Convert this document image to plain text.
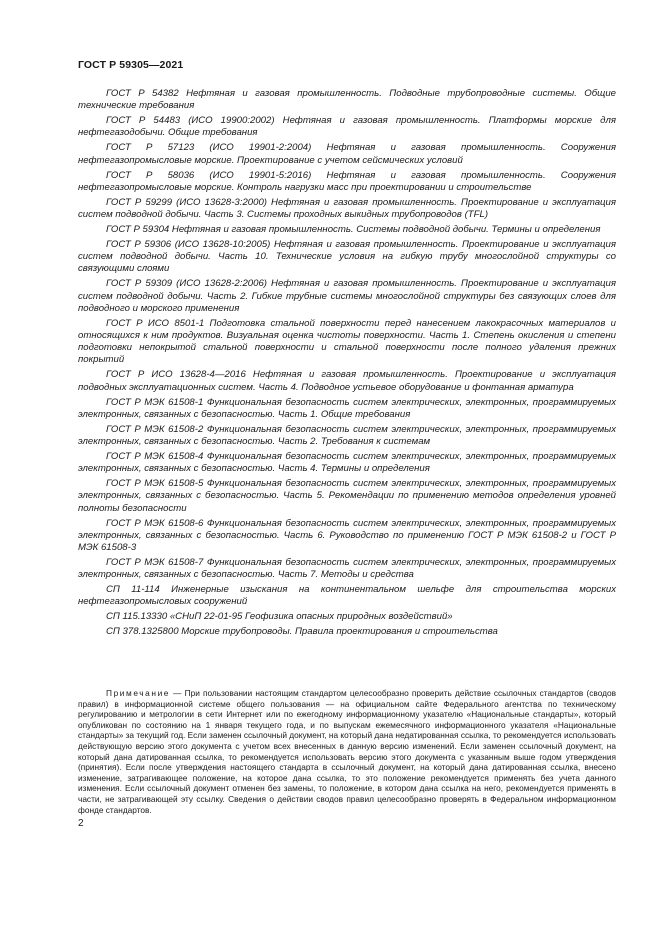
ГОСТ Р 59305—2021

ГОСТ Р 54382 Нефтяная и газовая промышленность. Подводные трубопроводные системы. Общие технические требования

ГОСТ Р 54483 (ИСО 19900:2002) Нефтяная и газовая промышленность. Платформы морские для нефтегазодобычи. Общие требования

ГОСТ Р 57123 (ИСО 19901-2:2004) Нефтяная и газовая промышленность. Сооружения нефтегазопромысловые морские. Проектирование с учетом сейсмических условий

ГОСТ Р 58036 (ИСО 19901-5:2016) Нефтяная и газовая промышленность. Сооружения нефтегазопромысловые морские. Контроль нагрузки масс при проектировании и строительстве

ГОСТ Р 59299 (ИСО 13628-3:2000) Нефтяная и газовая промышленность. Проектирование и эксплуатация систем подводной добычи. Часть 3. Системы проходных выкидных трубопроводов (TFL)

ГОСТ Р 59304 Нефтяная и газовая промышленность. Системы подводной добычи. Термины и определения

ГОСТ Р 59306 (ИСО 13628-10:2005) Нефтяная и газовая промышленность. Проектирование и эксплуатация систем подводной добычи. Часть 10. Технические условия на гибкую трубу многослойной структуры со связующими слоями

ГОСТ Р 59309 (ИСО 13628-2:2006) Нефтяная и газовая промышленность. Проектирование и эксплуатация систем подводной добычи. Часть 2. Гибкие трубные системы многослойной структуры без связующих слоев для подводного и морского применения

ГОСТ Р ИСО 8501-1 Подготовка стальной поверхности перед нанесением лакокрасочных материалов и относящихся к ним продуктов. Визуальная оценка чистоты поверхности. Часть 1. Степень окисления и степени подготовки непокрытой стальной поверхности и стальной поверхности после полного удаления прежних покрытий

ГОСТ Р ИСО 13628-4—2016 Нефтяная и газовая промышленность. Проектирование и эксплуатация подводных эксплуатационных систем. Часть 4. Подводное устьевое оборудование и фонтанная арматура

ГОСТ Р МЭК 61508-1 Функциональная безопасность систем электрических, электронных, программируемых электронных, связанных с безопасностью. Часть 1. Общие требования

ГОСТ Р МЭК 61508-2 Функциональная безопасность систем электрических, электронных, программируемых электронных, связанных с безопасностью. Часть 2. Требования к системам

ГОСТ Р МЭК 61508-4 Функциональная безопасность систем электрических, электронных, программируемых электронных, связанных с безопасностью. Часть 4. Термины и определения

ГОСТ Р МЭК 61508-5 Функциональная безопасность систем электрических, электронных, программируемых электронных, связанных с безопасностью. Часть 5. Рекомендации по применению методов определения уровней полноты безопасности

ГОСТ Р МЭК 61508-6 Функциональная безопасность систем электрических, электронных, программируемых электронных, связанных с безопасностью. Часть 6. Руководство по применению ГОСТ Р МЭК 61508-2 и ГОСТ Р МЭК 61508-3

ГОСТ Р МЭК 61508-7 Функциональная безопасность систем электрических, электронных, программируемых электронных, связанных с безопасностью. Часть 7. Методы и средства

СП 11-114 Инженерные изыскания на континентальном шельфе для строительства морских нефтегазопромысловых сооружений

СП 115.13330 «СНиП 22-01-95 Геофизика опасных природных воздействий»

СП 378.1325800 Морские трубопроводы. Правила проектирования и строительства

Примечание — При пользовании настоящим стандартом целесообразно проверить действие ссылочных стандартов (сводов правил) в информационной системе общего пользования — на официальном сайте Федерального агентства по техническому регулированию и метрологии в сети Интернет или по ежегодному информационному указателю «Национальные стандарты», который опубликован по состоянию на 1 января текущего года, и по выпускам ежемесячного информационного указателя «Национальные стандарты» за текущий год. Если заменен ссылочный документ, на который дана недатированная ссылка, то рекомендуется использовать действующую версию этого документа с учетом всех внесенных в данную версию изменений. Если заменен ссылочный документ, на который дана датированная ссылка, то рекомендуется использовать версию этого документа с указанным выше годом утверждения (принятия). Если после утверждения настоящего стандарта в ссылочный документ, на который дана датированная ссылка, внесено изменение, затрагивающее положение, на которое дана ссылка, то это положение рекомендуется применять без учета данного изменения. Если ссылочный документ отменен без замены, то положение, в котором дана ссылка на него, рекомендуется применять в части, не затрагивающей эту ссылку. Сведения о действии сводов правил целесообразно проверять в Федеральном информационном фонде стандартов.

2
